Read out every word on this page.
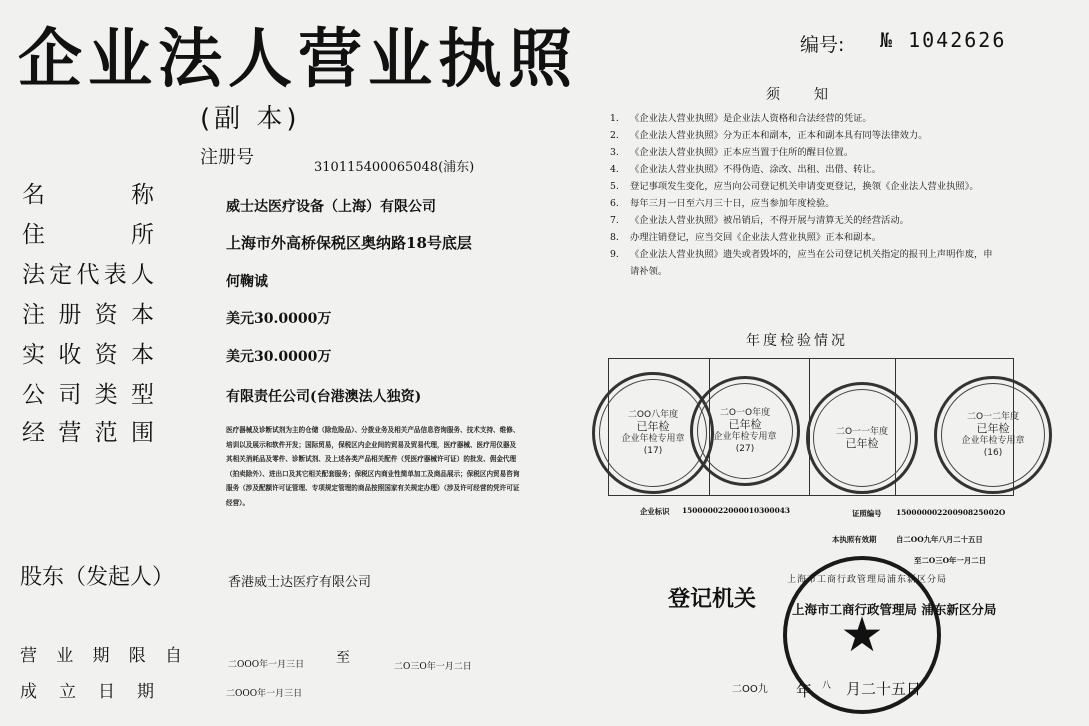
企业法人营业执照
(副 本)
编号: № 1042626
注册号	310115400065048(浦东)
名	称	威士达医疗设备（上海）有限公司
住	所	上海市外高桥保税区奥纳路18号底层
法 定 代 表 人	何鞠诚
注 册 资 本	美元30.0000万
实 收 资 本	美元30.0000万
公 司 类 型	有限责任公司(台港澳法人独资)
经 营 范 围	医疗器械及诊断试剂为主的仓储（除危险品）、分拨业务及相关产品信息咨询服务、技术支持、维修、培训以及展示和软件开发；国际贸易，保税区内企业间的贸易及贸易代理，医疗器械、医疗用仪器及其相关消耗品及零件、诊断试剂、及上述各类产品相关配件（凭医疗器械许可证）的批发、佣金代理（拍卖除外）、进出口及其它相关配套服务；保税区内商业性简单加工及商品展示；保税区内贸易咨询服务（涉及配额许可证管理、专项规定管理的商品按照国家有关规定办理）（涉及许可经营的凭许可证经营）。
股东（发起人）	香港威士达医疗有限公司
营 业 期 限 自	二OOO年一月三日 至
二O三O年一月二日
成 立 日 期	二OOO年一月三日
须知
1.	《企业法人营业执照》是企业法人资格和合法经营的凭证。
2.	《企业法人营业执照》分为正本和副本，正本和副本具有同等法律效力。
3.	《企业法人营业执照》正本应当置于住所的醒目位置。
4.	《企业法人营业执照》不得伪造、涂改、出租、出借、转让。
5.	登记事项发生变化，应当向公司登记机关申请变更登记，换领《企业法人营业执照》。
6.	每年三月一日至六月三十日，应当参加年度检验。
7.	《企业法人营业执照》被吊销后，不得开展与清算无关的经营活动。
8.	办理注销登记，应当交回《企业法人营业执照》正本和副本。
9.	《企业法人营业执照》遗失或者毁坏的，应当在公司登记机关指定的报刊上声明作废，申请补领。
年度检验情况
二OO八年度
已年检
企业年检专用章
(17)
二O一O年度
已年检
企业年检专用章
(27)
二O一一年度
已年检
二O一二年度
已年检
企业年检专用章
(16)
企业标识 150000022000010300043	证照编号 15000000220090825002O
本执照有效期	自二OO九年八月二十五日
至二O三O年一月二日
上海市工商行政管理局浦东新区分局
★
登记机关	上海市工商行政管理局 浦东新区分局
二OO九 年 八 月二十五日
